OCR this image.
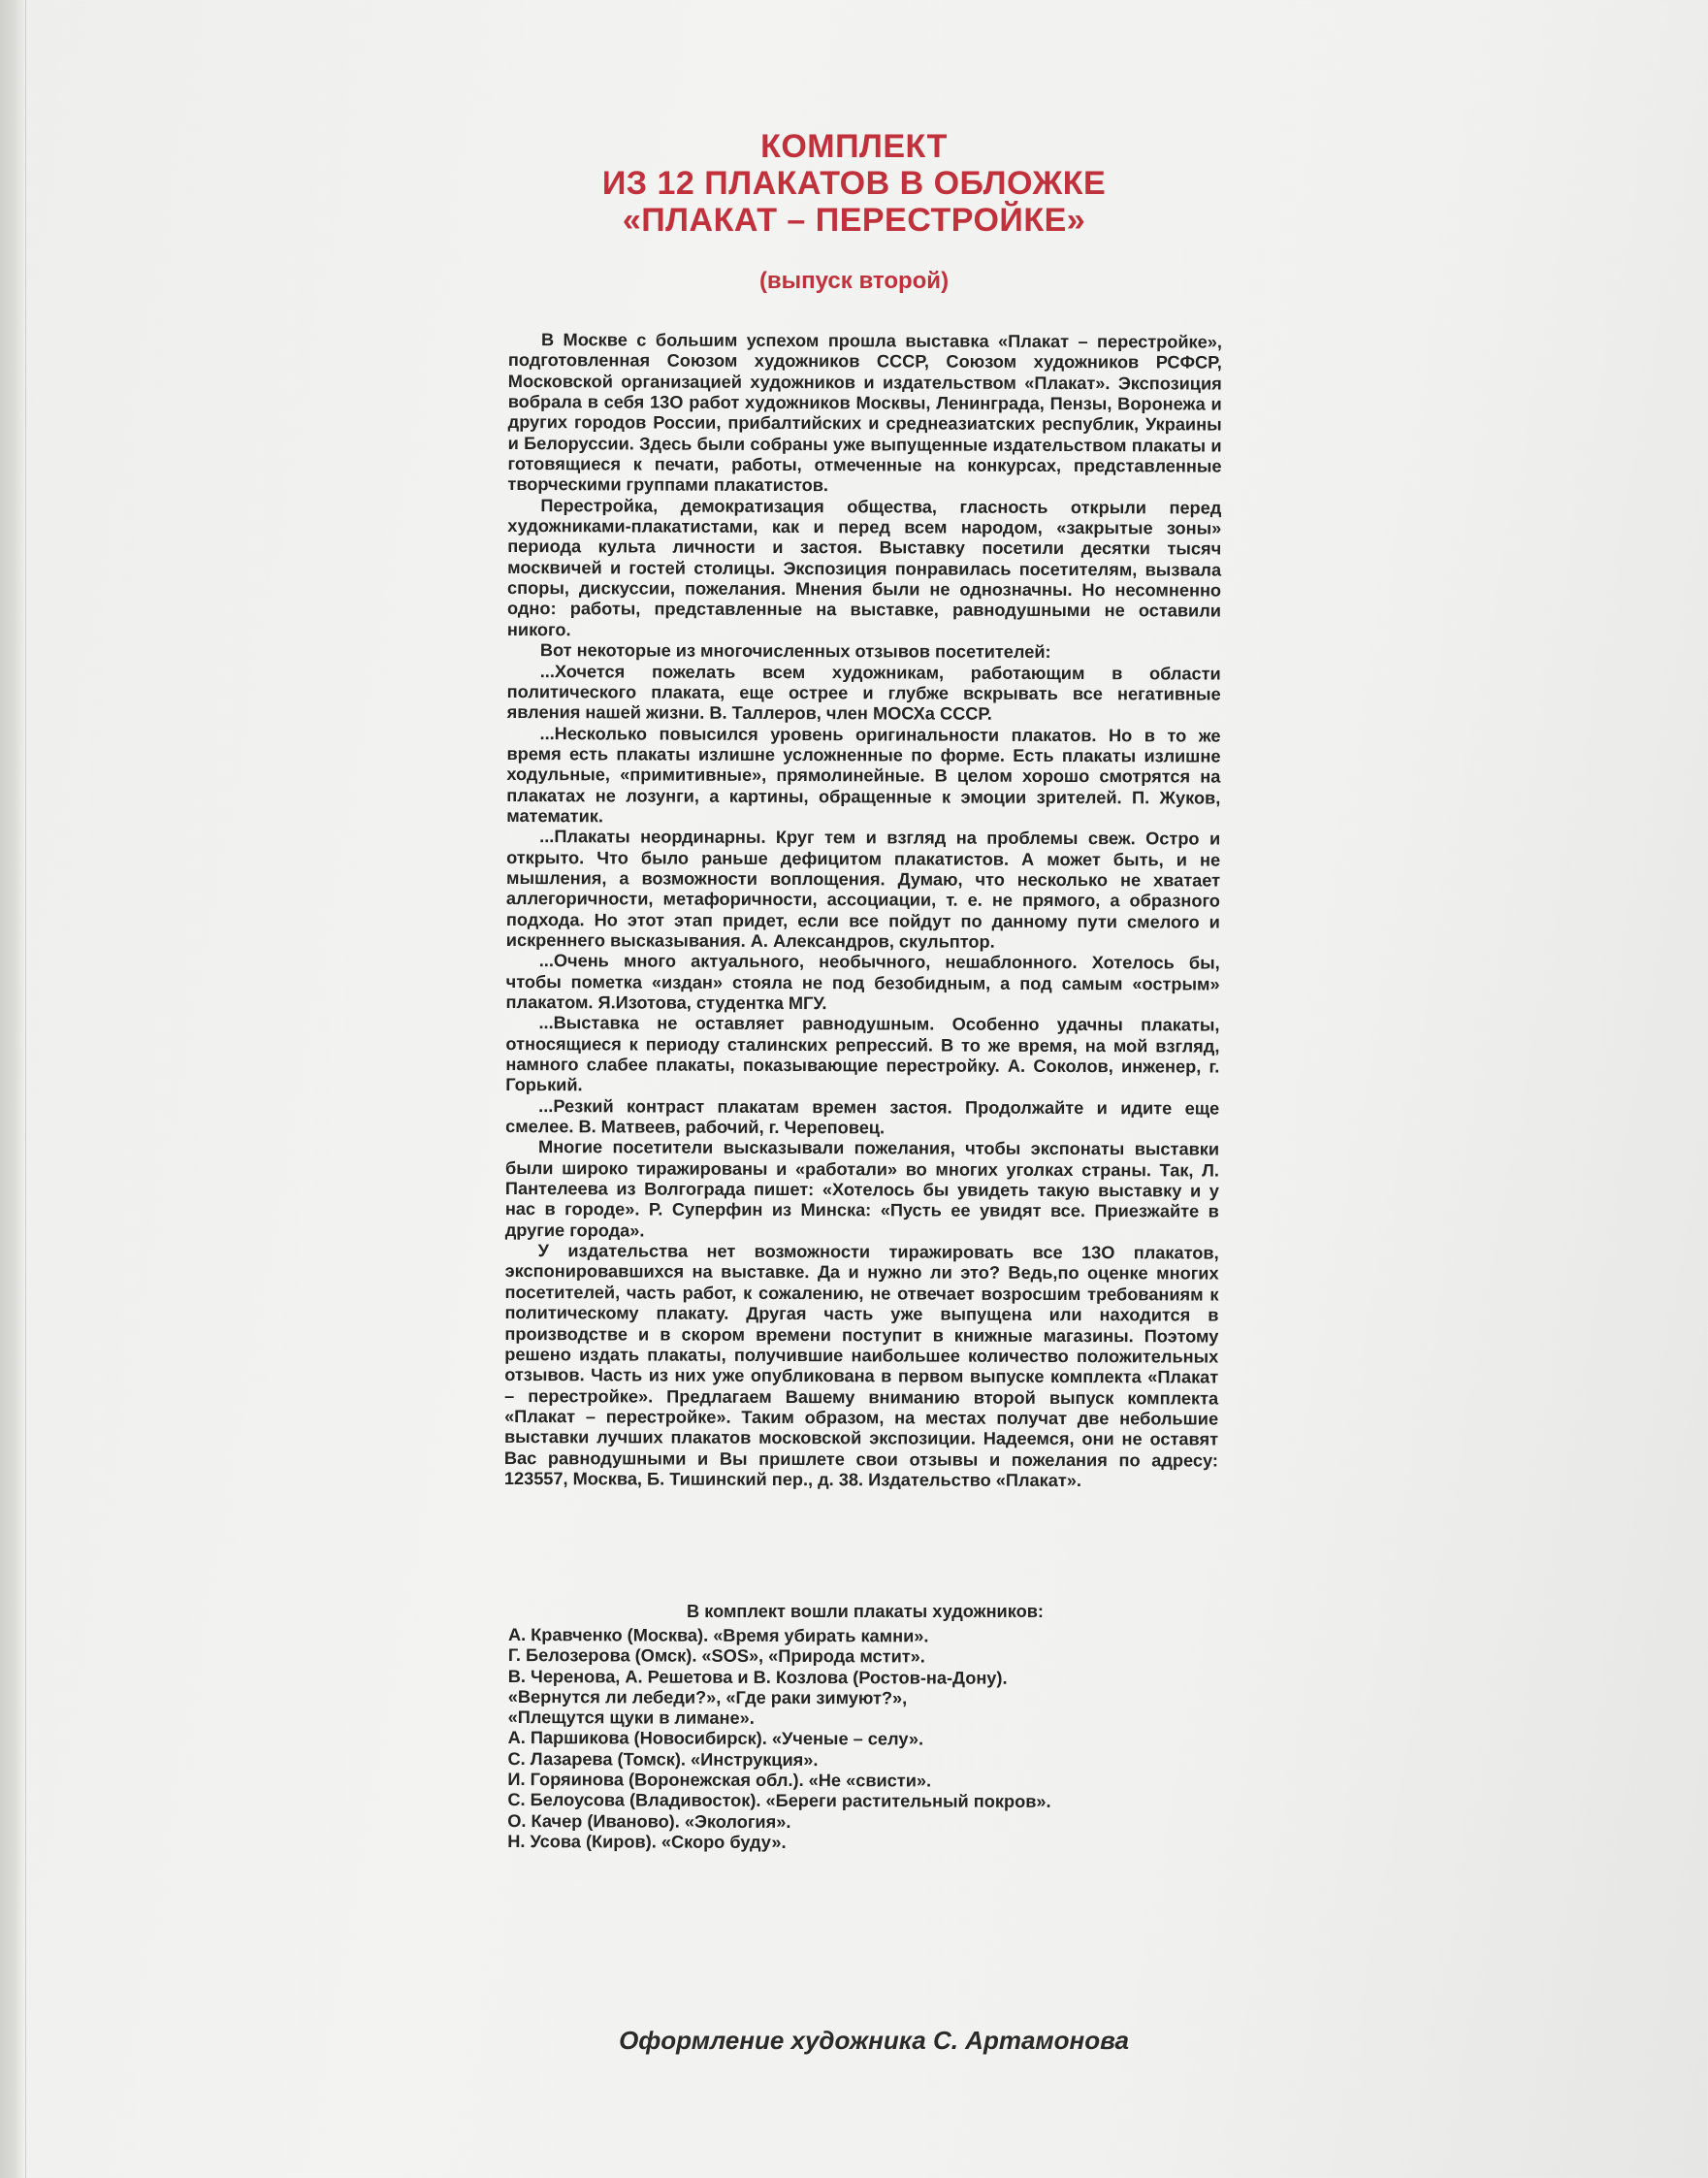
КОМПЛЕКТ
ИЗ 12 ПЛАКАТОВ В ОБЛОЖКЕ
«ПЛАКАТ – ПЕРЕСТРОЙКЕ»
(выпуск второй)

В Москве с большим успехом прошла выставка «Плакат – перестройке», подготовленная Союзом художников СССР, Союзом художников РСФСР, Московской организацией художников и издательством «Плакат». Экспозиция вобрала в себя 13О работ художников Москвы, Ленинграда, Пензы, Воронежа и других городов России, прибалтийских и среднеазиатских республик, Украины и Белоруссии. Здесь были собраны уже выпущенные издательством плакаты и готовящиеся к печати, работы, отмеченные на конкурсах, представленные творческими группами плакатистов.

Перестройка, демократизация общества, гласность открыли перед художниками-плакатистами, как и перед всем народом, «закрытые зоны» периода культа личности и застоя. Выставку посетили десятки тысяч москвичей и гостей столицы. Экспозиция понравилась посетителям, вызвала споры, дискуссии, пожелания. Мнения были не однозначны. Но несомненно одно: работы, представленные на выставке, равнодушными не оставили никого.

Вот некоторые из многочисленных отзывов посетителей:

...Хочется пожелать всем художникам, работающим в области политического плаката, еще острее и глубже вскрывать все негативные явления нашей жизни. В. Таллеров, член МОСХа СССР.

...Несколько повысился уровень оригинальности плакатов. Но в то же время есть плакаты излишне усложненные по форме. Есть плакаты излишне ходульные, «примитивные», прямолинейные. В целом хорошо смотрятся на плакатах не лозунги, а картины, обращенные к эмоции зрителей. П. Жуков, математик.

...Плакаты неординарны. Круг тем и взгляд на проблемы свеж. Остро и открыто. Что было раньше дефицитом плакатистов. А может быть, и не мышления, а возможности воплощения. Думаю, что несколько не хватает аллегоричности, метафоричности, ассоциации, т. е. не прямого, а образного подхода. Но этот этап придет, если все пойдут по данному пути смелого и искреннего высказывания. А. Александров, скульптор.

...Очень много актуального, необычного, нешаблонного. Хотелось бы, чтобы пометка «издан» стояла не под безобидным, а под самым «острым» плакатом. Я.Изотова, студентка МГУ.

...Выставка не оставляет равнодушным. Особенно удачны плакаты, относящиеся к периоду сталинских репрессий. В то же время, на мой взгляд, намного слабее плакаты, показывающие перестройку. А. Соколов, инженер, г. Горький.

...Резкий контраст плакатам времен застоя. Продолжайте и идите еще смелее. В. Матвеев, рабочий, г. Череповец.

Многие посетители высказывали пожелания, чтобы экспонаты выставки были широко тиражированы и «работали» во многих уголках страны. Так, Л. Пантелеева из Волгограда пишет: «Хотелось бы увидеть такую выставку и у нас в городе». Р. Суперфин из Минска: «Пусть ее увидят все. Приезжайте в другие города».

У издательства нет возможности тиражировать все 13О плакатов, экспонировавшихся на выставке. Да и нужно ли это? Ведь,по оценке многих посетителей, часть работ, к сожалению, не отвечает возросшим требованиям к политическому плакату. Другая часть уже выпущена или находится в производстве и в скором времени поступит в книжные магазины. Поэтому решено издать плакаты, получившие наибольшее количество положительных отзывов. Часть из них уже опубликована в первом выпуске комплекта «Плакат – перестройке». Предлагаем Вашему вниманию второй выпуск комплекта «Плакат – перестройке». Таким образом, на местах получат две небольшие выставки лучших плакатов московской экспозиции. Надеемся, они не оставят Вас равнодушными и Вы пришлете свои отзывы и пожелания по адресу: 123557, Москва, Б. Тишинский пер., д. 38. Издательство «Плакат».

В комплект вошли плакаты художников:
А. Кравченко (Москва). «Время убирать камни».
Г. Белозерова (Омск). «SOS», «Природа мстит».
В. Черенова, А. Решетова и В. Козлова (Ростов-на-Дону).
«Вернутся ли лебеди?», «Где раки зимуют?»,
«Плещутся щуки в лимане».
А. Паршикова (Новосибирск). «Ученые – селу».
С. Лазарева (Томск). «Инструкция».
И. Горяинова (Воронежская обл.). «Не «свисти».
С. Белоусова (Владивосток). «Береги растительный покров».
О. Качер (Иваново). «Экология».
Н. Усова (Киров). «Скоро буду».
Оформление художника С. Артамонова
